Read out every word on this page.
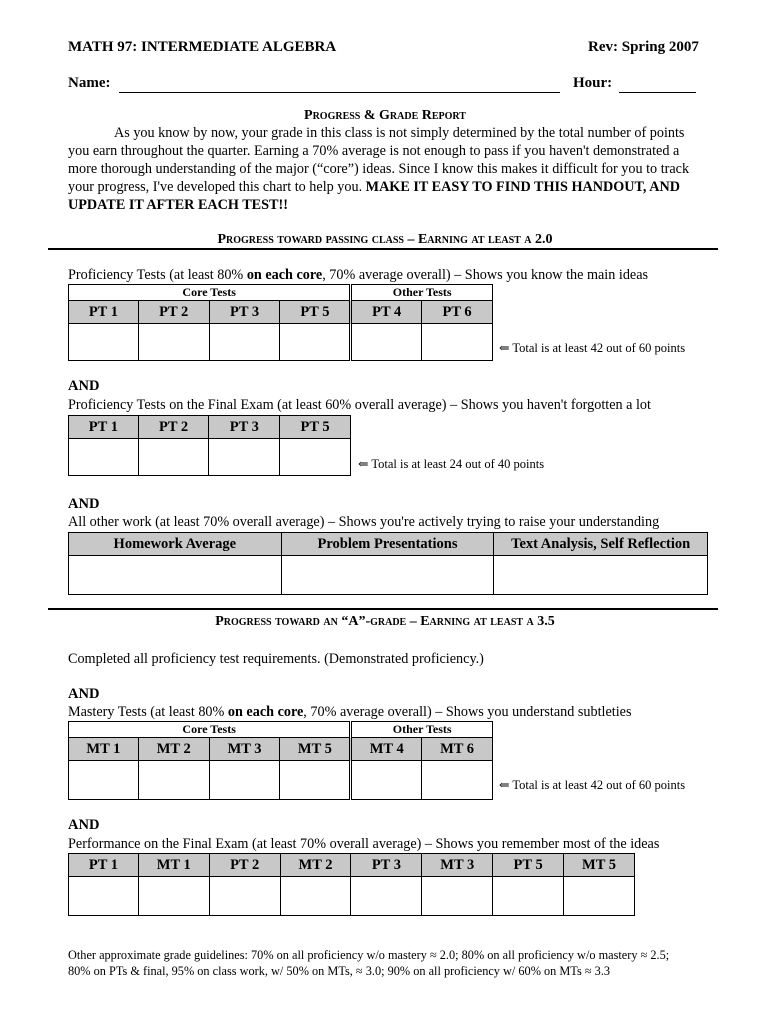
MATH 97: INTERMEDIATE ALGEBRA	Rev: Spring 2007
Name:	Hour:
Progress & Grade Report
As you know by now, your grade in this class is not simply determined by the total number of points you earn throughout the quarter. Earning a 70% average is not enough to pass if you haven't demonstrated a more thorough understanding of the major (“core”) ideas. Since I know this makes it difficult for you to track your progress, I've developed this chart to help you. MAKE IT EASY TO FIND THIS HANDOUT, AND UPDATE IT AFTER EACH TEST!!
Progress toward passing class – Earning at least a 2.0
Proficiency Tests (at least 80% on each core, 70% average overall) – Shows you know the main ideas
Core Tests				Other Tests	
PT 1	PT 2	PT 3	PT 5	PT 4	PT 6

⇐ Total is at least 42 out of 60 points
AND
Proficiency Tests on the Final Exam (at least 60% overall average) – Shows you haven't forgotten a lot
PT 1	PT 2	PT 3	PT 5

⇐ Total is at least 24 out of 40 points
AND
All other work (at least 70% overall average) – Shows you're actively trying to raise your understanding
Homework Average	Problem Presentations	Text Analysis, Self Reflection

Progress toward an “A”-grade – Earning at least a 3.5
Completed all proficiency test requirements. (Demonstrated proficiency.)
AND
Mastery Tests (at least 80% on each core, 70% average overall) – Shows you understand subtleties
Core Tests				Other Tests	
MT 1	MT 2	MT 3	MT 5	MT 4	MT 6

⇐ Total is at least 42 out of 60 points
AND
Performance on the Final Exam (at least 70% overall average) – Shows you remember most of the ideas
PT 1	MT 1	PT 2	MT 2	PT 3	MT 3	PT 5	MT 5

Other approximate grade guidelines: 70% on all proficiency w/o mastery ≈ 2.0; 80% on all proficiency w/o mastery ≈ 2.5;
80% on PTs & final, 95% on class work, w/ 50% on MTs, ≈ 3.0; 90% on all proficiency w/ 60% on MTs ≈ 3.3
